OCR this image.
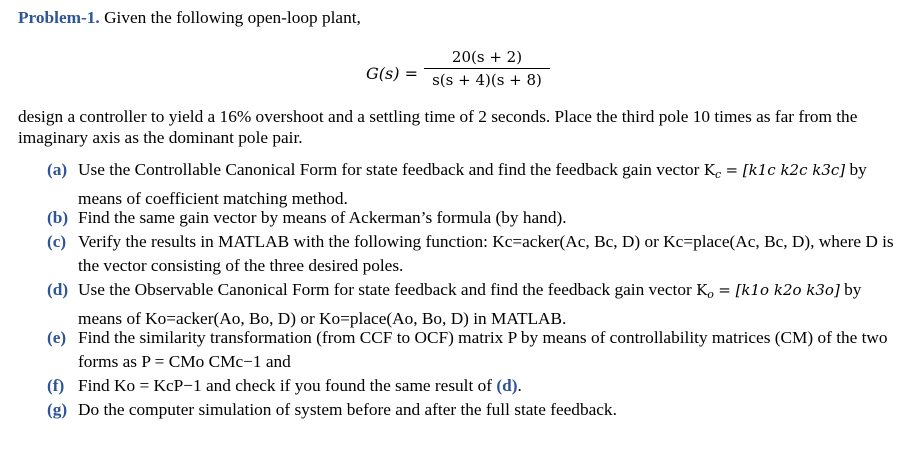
Problem-1. Given the following open-loop plant,
$G(s) = \frac{20(s + 2)}{s(s + 4)(s + 8)}$
design a controller to yield a 16% overshoot and a settling time of 2 seconds. Place the third pole 10 times as far from the imaginary axis as the dominant pole pair.
(a) Use the Controllable Canonical Form for state feedback and find the feedback gain vector $K_c = [k1c$ k2c k3c] by means of coefficient matching method.
(b) Find the same gain vector by means of Ackerman’s formula (by hand).
(c) Verify the results in MATLAB with the following function: Kc=acker(Ac, Bc, D) or Kc=place(Ac, Bc, D), where D is the vector consisting of the three desired poles.
(d) Use the Observable Canonical Form for state feedback and find the feedback gain vector $K_o = [k1o$ k2o k3o] by means of Ko=acker(Ao, Bo, D) or Ko=place(Ao, Bo, D) in MATLAB.
(e) Find the similarity transformation (from CCF to OCF) matrix P by means of controllability matrices (CM) of the two forms as P = CMo CMc−1 and
(f) Find Ko = KcP−1 and check if you found the same result of (d).
(g) Do the computer simulation of system before and after the full state feedback.
